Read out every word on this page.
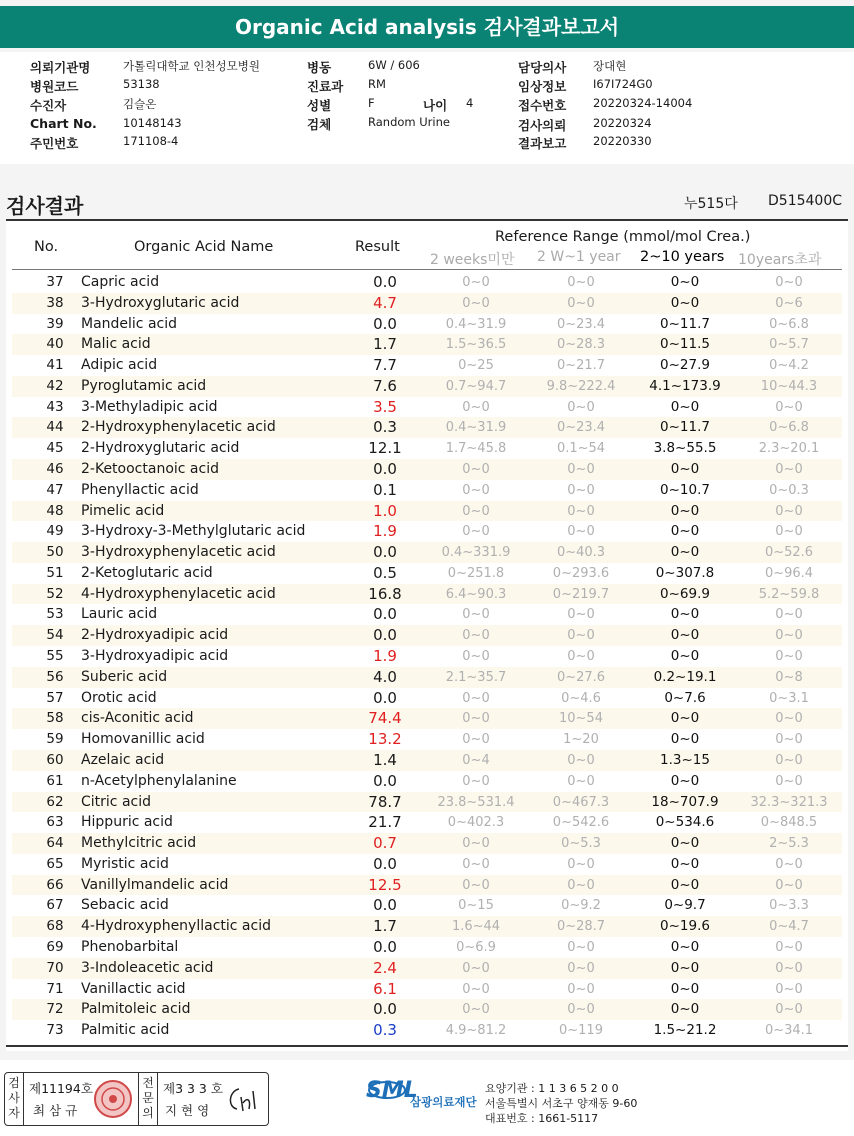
Organic Acid analysis 검사결과보고서
의뢰기관명	가톨릭대학교 인천성모병원
병원코드	53138
수진자	김슬온
Chart No. 10148143
주민번호	171108-4
병동	6W / 606
진료과 RM
성별	F	나이 4
검체	Random Urine
담당의사 장대현
임상정보 I67I724G0
접수번호 20220324-14004
검사의뢰 20220324
결과보고 20220330
검사결과	누515다 D515400C
No.	Organic Acid Name	Result
Reference Range (mmol/mol Crea.)
2 weeks미만 2 W~1 year 2~10 years 10years초과
37	Capric acid	0.0	0~0	0~0	0~0	0~0
38	3-Hydroxyglutaric acid	4.7	0~0	0~0	0~0	0~6
39	Mandelic acid	0.0	0.4~31.9	0~23.4	0~11.7	0~6.8
40	Malic acid	1.7	1.5~36.5	0~28.3	0~11.5	0~5.7
41	Adipic acid	7.7	0~25	0~21.7	0~27.9	0~4.2
42	Pyroglutamic acid	7.6	0.7~94.7	9.8~222.4	4.1~173.9	10~44.3
43	3-Methyladipic acid	3.5	0~0	0~0	0~0	0~0
44	2-Hydroxyphenylacetic acid	0.3	0.4~31.9	0~23.4	0~11.7	0~6.8
45	2-Hydroxyglutaric acid	12.1	1.7~45.8	0.1~54	3.8~55.5	2.3~20.1
46	2-Ketooctanoic acid	0.0	0~0	0~0	0~0	0~0
47	Phenyllactic acid	0.1	0~0	0~0	0~10.7	0~0.3
48	Pimelic acid	1.0	0~0	0~0	0~0	0~0
49	3-Hydroxy-3-Methylglutaric acid	1.9	0~0	0~0	0~0	0~0
50	3-Hydroxyphenylacetic acid	0.0	0.4~331.9	0~40.3	0~0	0~52.6
51	2-Ketoglutaric acid	0.5	0~251.8	0~293.6	0~307.8	0~96.4
52	4-Hydroxyphenylacetic acid	16.8	6.4~90.3	0~219.7	0~69.9	5.2~59.8
53	Lauric acid	0.0	0~0	0~0	0~0	0~0
54	2-Hydroxyadipic acid	0.0	0~0	0~0	0~0	0~0
55	3-Hydroxyadipic acid	1.9	0~0	0~0	0~0	0~0
56	Suberic acid	4.0	2.1~35.7	0~27.6	0.2~19.1	0~8
57	Orotic acid	0.0	0~0	0~4.6	0~7.6	0~3.1
58	cis-Aconitic acid	74.4	0~0	10~54	0~0	0~0
59	Homovanillic acid	13.2	0~0	1~20	0~0	0~0
60	Azelaic acid	1.4	0~4	0~0	1.3~15	0~0
61	n-Acetylphenylalanine	0.0	0~0	0~0	0~0	0~0
62	Citric acid	78.7	23.8~531.4	0~467.3	18~707.9	32.3~321.3
63	Hippuric acid	21.7	0~402.3	0~542.6	0~534.6	0~848.5
64	Methylcitric acid	0.7	0~0	0~5.3	0~0	2~5.3
65	Myristic acid	0.0	0~0	0~0	0~0	0~0
66	Vanillylmandelic acid	12.5	0~0	0~0	0~0	0~0
67	Sebacic acid	0.0	0~15	0~9.2	0~9.7	0~3.3
68	4-Hydroxyphenyllactic acid	1.7	1.6~44	0~28.7	0~19.6	0~4.7
69	Phenobarbital	0.0	0~6.9	0~0	0~0	0~0
70	3-Indoleacetic acid	2.4	0~0	0~0	0~0	0~0
71	Vanillactic acid	6.1	0~0	0~0	0~0	0~0
72	Palmitoleic acid	0.0	0~0	0~0	0~0	0~0
73	Palmitic acid	0.3	4.9~81.2	0~119	1.5~21.2	0~34.1
검
사
자
제11194호
최 삼 규
전
문
의
제3 3 3 호
지 현 영
SML
삼광의료재단
요양기관 : 1 1 3 6 5 2 0 0
서울특별시 서초구 양재동 9-60
대표번호 : 1661-5117
